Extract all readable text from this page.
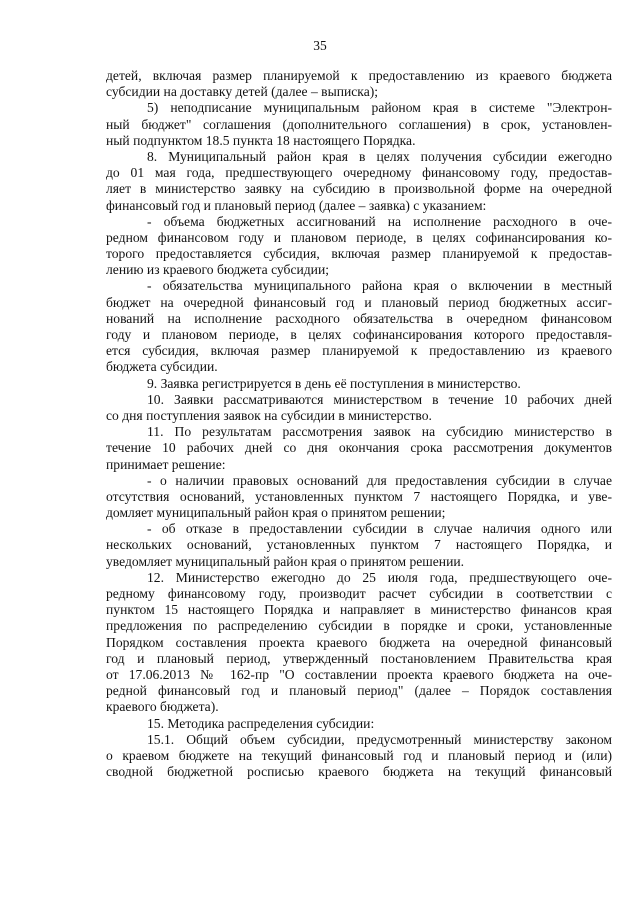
35
детей, включая размер планируемой к предоставлению из краевого бюджета
субсидии на доставку детей (далее – выписка);
5) неподписание муниципальным районом края в системе "Электрон-
ный бюджет" соглашения (дополнительного соглашения) в срок, установлен-
ный подпунктом 18.5 пункта 18 настоящего Порядка.
8. Муниципальный район края в целях получения субсидии ежегодно
до 01 мая года, предшествующего очередному финансовому году, предостав-
ляет в министерство заявку на субсидию в произвольной форме на очередной
финансовый год и плановый период (далее – заявка) с указанием:
- объема бюджетных ассигнований на исполнение расходного в оче-
редном финансовом году и плановом периоде, в целях софинансирования ко-
торого предоставляется субсидия, включая размер планируемой к предостав-
лению из краевого бюджета субсидии;
- обязательства муниципального района края о включении в местный
бюджет на очередной финансовый год и плановый период бюджетных ассиг-
нований на исполнение расходного обязательства в очередном финансовом
году и плановом периоде, в целях софинансирования которого предоставля-
ется субсидия, включая размер планируемой к предоставлению из краевого
бюджета субсидии.
9. Заявка регистрируется в день её поступления в министерство.
10. Заявки рассматриваются министерством в течение 10 рабочих дней
со дня поступления заявок на субсидии в министерство.
11. По результатам рассмотрения заявок на субсидию министерство в
течение 10 рабочих дней со дня окончания срока рассмотрения документов
принимает решение:
- о наличии правовых оснований для предоставления субсидии в случае
отсутствия оснований, установленных пунктом 7 настоящего Порядка, и уве-
домляет муниципальный район края о принятом решении;
- об отказе в предоставлении субсидии в случае наличия одного или
нескольких оснований, установленных пунктом 7 настоящего Порядка, и
уведомляет муниципальный район края о принятом решении.
12. Министерство ежегодно до 25 июля года, предшествующего оче-
редному финансовому году, производит расчет субсидии в соответствии с
пунктом 15 настоящего Порядка и направляет в министерство финансов края
предложения по распределению субсидии в порядке и сроки, установленные
Порядком составления проекта краевого бюджета на очередной финансовый
год и плановый период, утвержденный постановлением Правительства края
от 17.06.2013 № 162-пр "О составлении проекта краевого бюджета на оче-
редной финансовый год и плановый период" (далее – Порядок составления
краевого бюджета).
15. Методика распределения субсидии:
15.1. Общий объем субсидии, предусмотренный министерству законом
о краевом бюджете на текущий финансовый год и плановый период и (или)
сводной бюджетной росписью краевого бюджета на текущий финансовый
